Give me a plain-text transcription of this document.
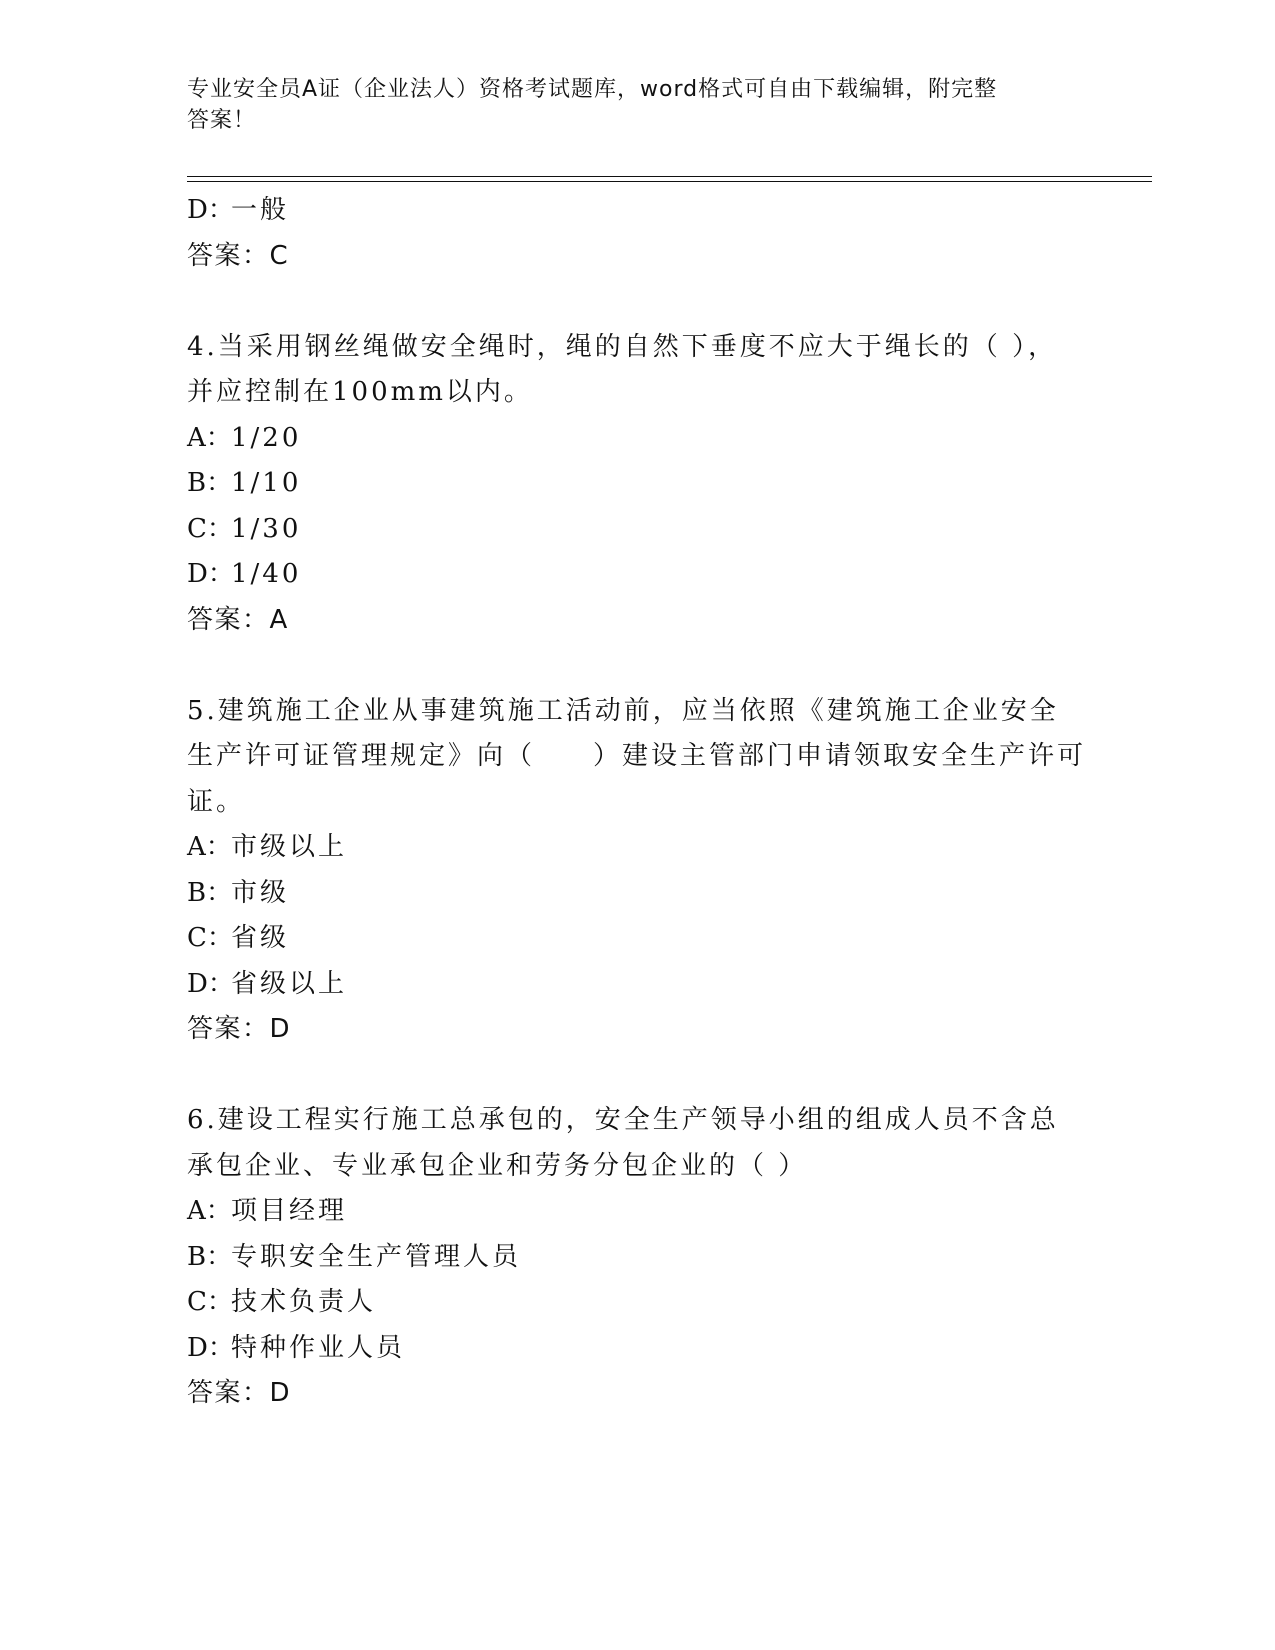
专业安全员A证（企业法人）资格考试题库，word格式可自由下载编辑，附完整
答案！
D：一般
答案：C
4.当采用钢丝绳做安全绳时，绳的自然下垂度不应大于绳长的（ ），
并应控制在100mm以内。
A：1/20
B：1/10
C：1/30
D：1/40
答案：A
5.建筑施工企业从事建筑施工活动前，应当依照《建筑施工企业安全
生产许可证管理规定》向（　　）建设主管部门申请领取安全生产许可
证。
A：市级以上
B：市级
C：省级
D：省级以上
答案：D
6.建设工程实行施工总承包的，安全生产领导小组的组成人员不含总
承包企业、专业承包企业和劳务分包企业的（ ）
A：项目经理
B：专职安全生产管理人员
C：技术负责人
D：特种作业人员
答案：D
